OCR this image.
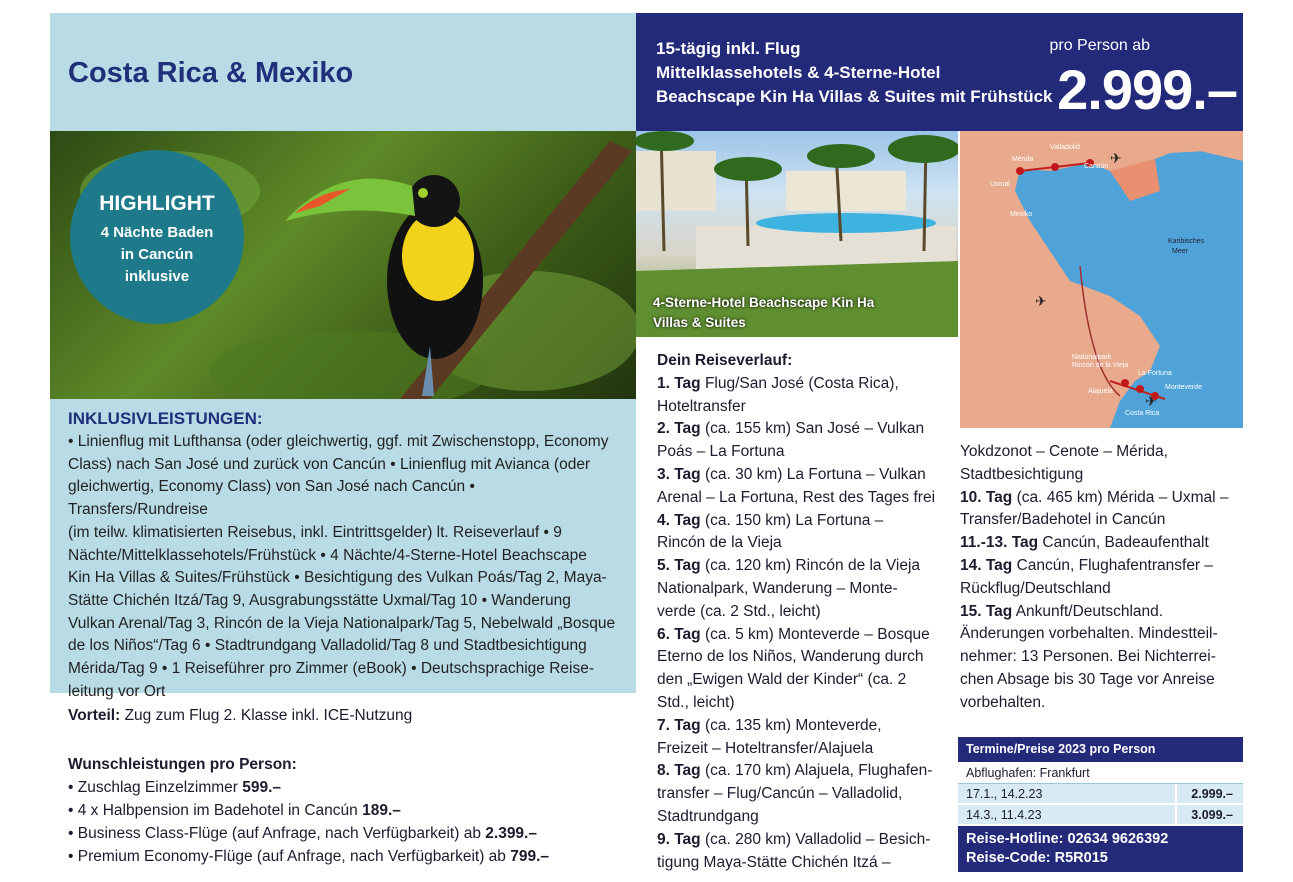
Costa Rica & Mexiko
15-tägig inkl. Flug
Mittelklassehotels & 4-Sterne-Hotel
Beachscape Kin Ha Villas & Suites mit Frühstück
pro Person ab
2.999.–
HIGHLIGHT
4 Nächte Baden
in Cancún
inklusive
INKLUSIVLEISTUNGEN:

• Linienflug mit Lufthansa (oder gleichwertig, ggf. mit Zwischenstopp, Economy
Class) nach San José und zurück von Cancún • Linienflug mit Avianca (oder
gleichwertig, Economy Class) von San José nach Cancún • Transfers/Rundreise
(im teilw. klimatisierten Reisebus, inkl. Eintrittsgelder) lt. Reiseverlauf • 9
Nächte/Mittelklassehotels/Frühstück • 4 Nächte/4-Sterne-Hotel Beachscape
Kin Ha Villas & Suites/Frühstück • Besichtigung des Vulkan Poás/Tag 2, Maya-
Stätte Chichén Itzá/Tag 9, Ausgrabungsstätte Uxmal/Tag 10 • Wanderung
Vulkan Arenal/Tag 3, Rincón de la Vieja Nationalpark/Tag 5, Nebelwald „Bosque
de los Niños“/Tag 6 • Stadtrundgang Valladolid/Tag 8 und Stadtbesichtigung
Mérida/Tag 9 • 1 Reiseführer pro Zimmer (eBook) • Deutschsprachige Reise-
leitung vor Ort

Vorteil: Zug zum Flug 2. Klasse inkl. ICE-Nutzung
Wunschleistungen pro Person:
• Zuschlag Einzelzimmer 599.–
• 4 x Halbpension im Badehotel in Cancún 189.–
• Business Class-Flüge (auf Anfrage, nach Verfügbarkeit) ab 2.399.–
• Premium Economy-Flüge (auf Anfrage, nach Verfügbarkeit) ab 799.–
4-Sterne-Hotel Beachscape Kin Ha
Villas & Suites
Valladolid
Mérida
Cancún
Uxmal
Mexiko
Karibisches
Meer
Nationalpark
Rincón de la Vieja
La Fortuna
Monteverde
Alajuela
Costa Rica
✈
✈
✈
Dein Reiseverlauf:
1. Tag Flug/San José (Costa Rica),
Hoteltransfer
2. Tag (ca. 155 km) San José – Vulkan
Poás – La Fortuna
3. Tag (ca. 30 km) La Fortuna – Vulkan
Arenal – La Fortuna, Rest des Tages frei
4. Tag (ca. 150 km) La Fortuna –
Rincón de la Vieja
5. Tag (ca. 120 km) Rincón de la Vieja
Nationalpark, Wanderung – Monte-
verde (ca. 2 Std., leicht)
6. Tag (ca. 5 km) Monteverde – Bosque
Eterno de los Niños, Wanderung durch
den „Ewigen Wald der Kinder“ (ca. 2
Std., leicht)
7. Tag (ca. 135 km) Monteverde,
Freizeit – Hoteltransfer/Alajuela
8. Tag (ca. 170 km) Alajuela, Flughafen-
transfer – Flug/Cancún – Valladolid,
Stadtrundgang
9. Tag (ca. 280 km) Valladolid – Besich-
tigung Maya-Stätte Chichén Itzá –
Yokdzonot – Cenote – Mérida,
Stadtbesichtigung
10. Tag (ca. 465 km) Mérida – Uxmal –
Transfer/Badehotel in Cancún
11.-13. Tag Cancún, Badeaufenthalt
14. Tag Cancún, Flughafentransfer –
Rückflug/Deutschland
15. Tag Ankunft/Deutschland.
Änderungen vorbehalten. Mindestteil-
nehmer: 13 Personen. Bei Nichterrei-
chen Absage bis 30 Tage vor Anreise
vorbehalten.
Termine/Preise 2023 pro Person
Abflughafen: Frankfurt
17.1., 14.2.23	2.999.–
14.3., 11.4.23	3.099.–
Reise-Hotline: 02634 9626392
Reise-Code: R5R015
